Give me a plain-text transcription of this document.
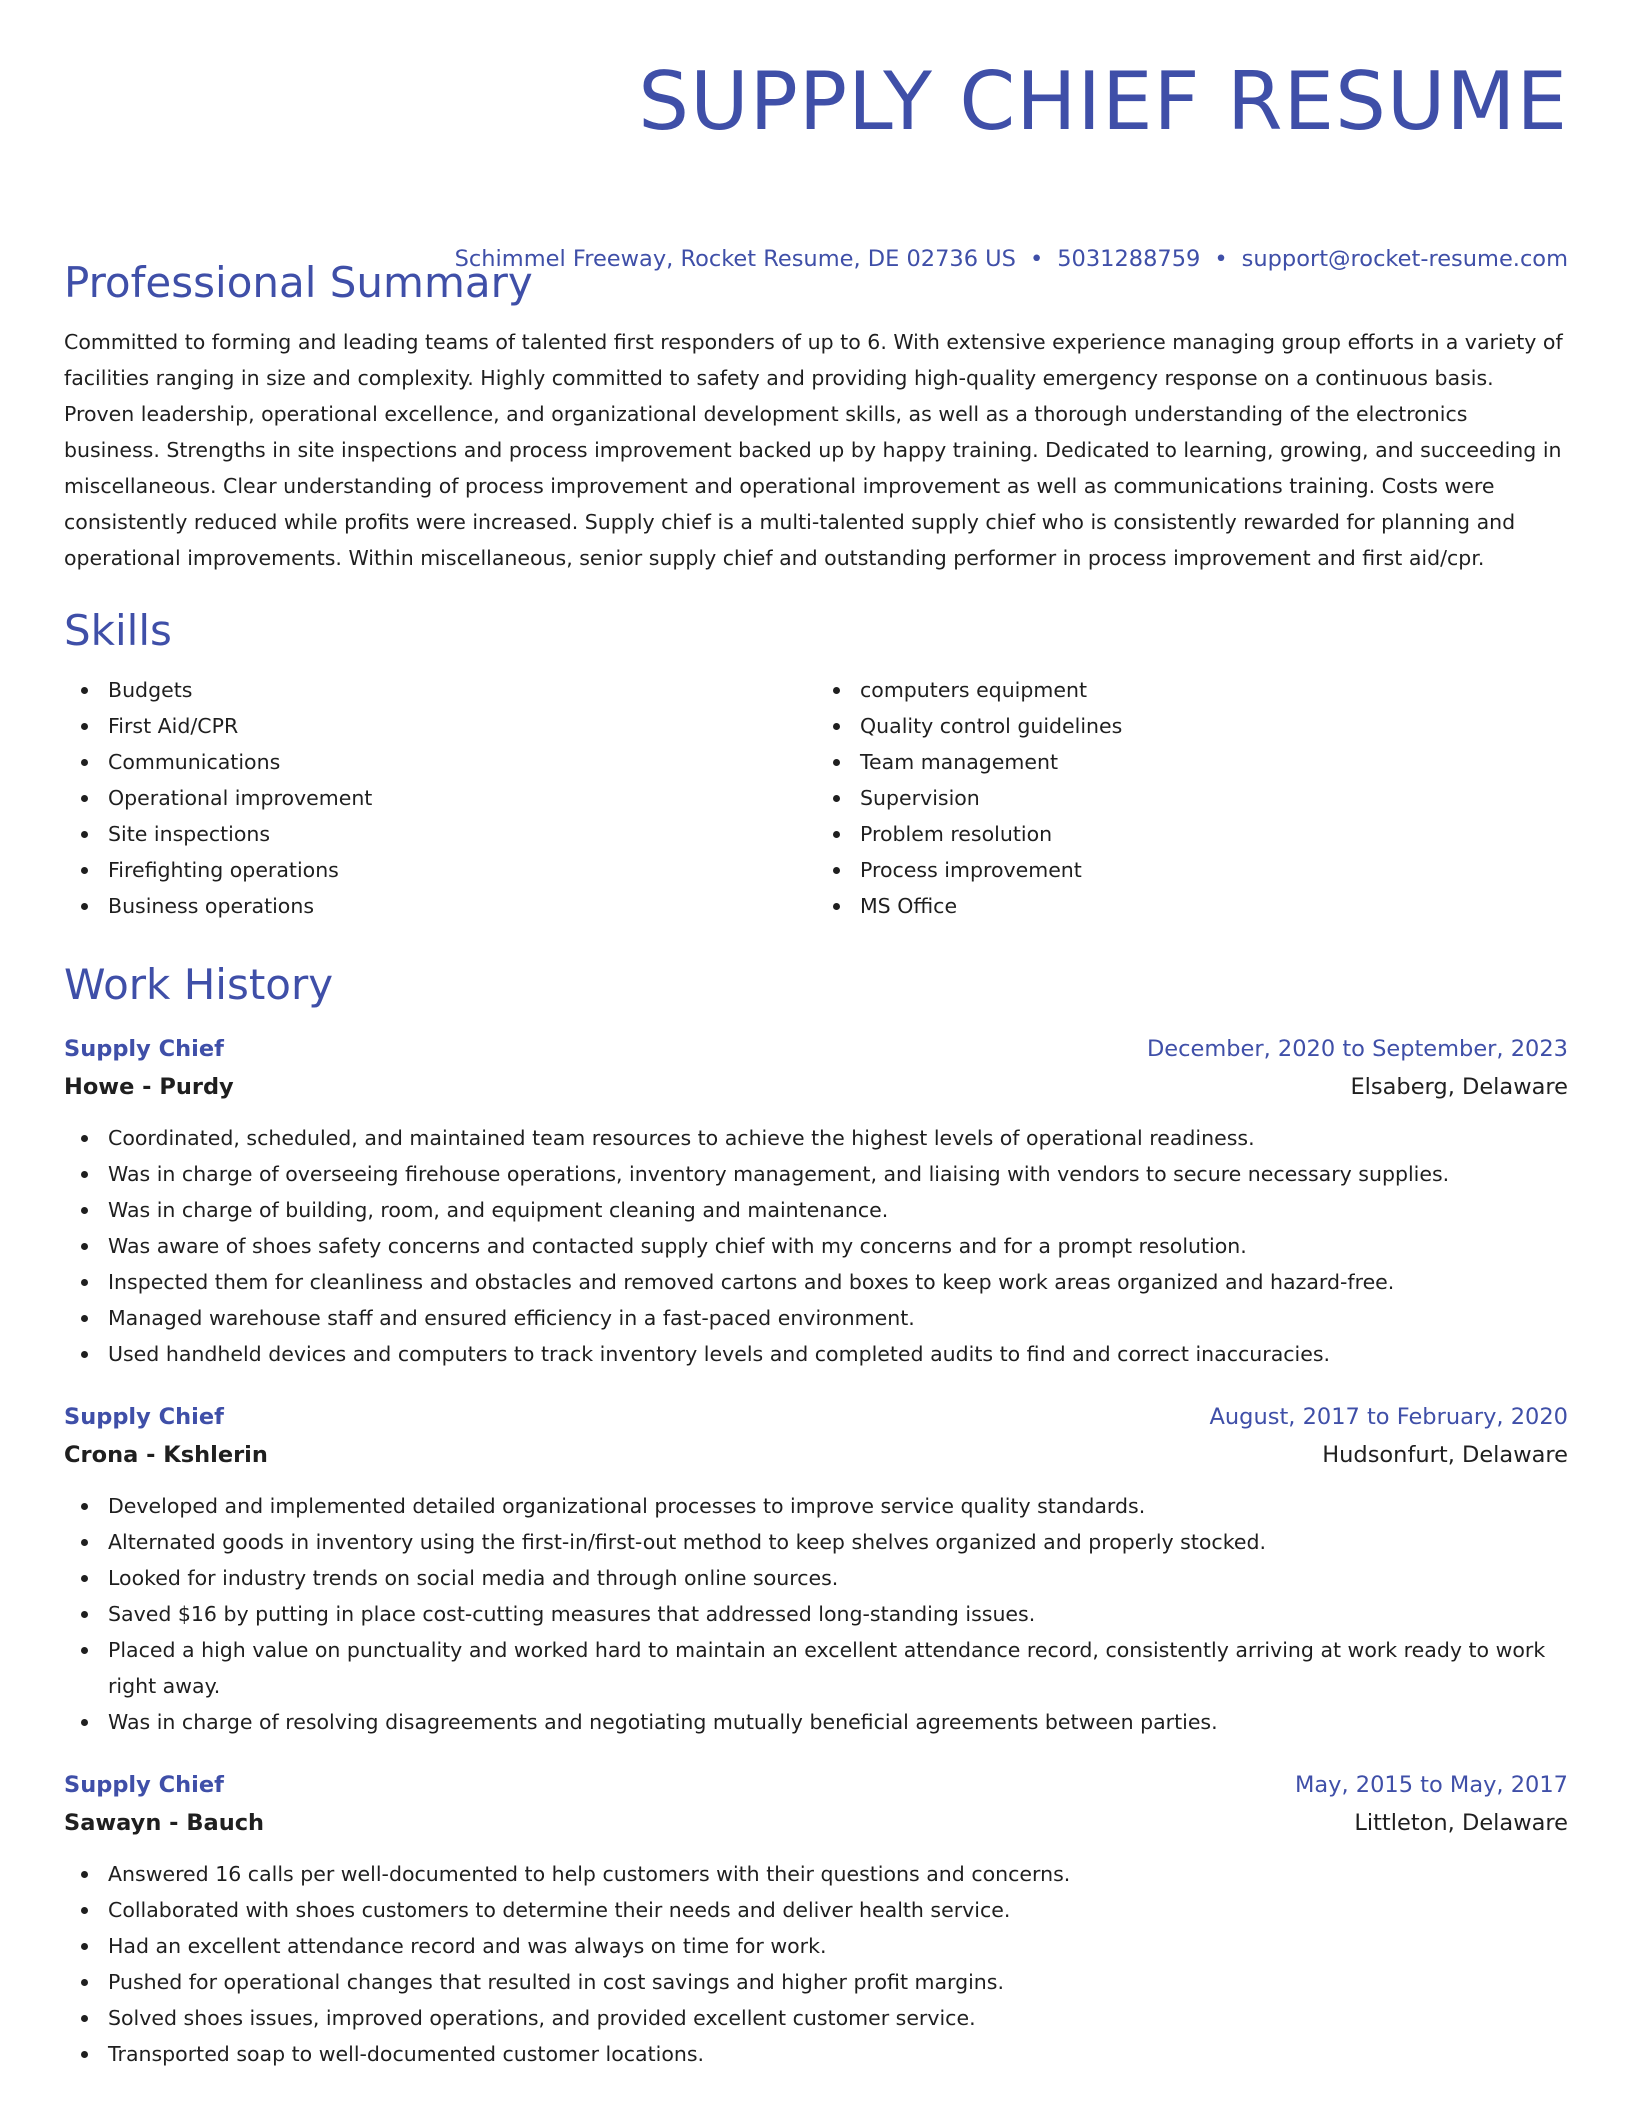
SUPPLY CHIEF RESUME
Schimmel Freeway, Rocket Resume, DE 02736 US • 5031288759 • support@rocket-resume.com
Professional Summary
Committed to forming and leading teams of talented first responders of up to 6. With extensive experience managing group efforts in a variety of facilities ranging in size and complexity. Highly committed to safety and providing high-quality emergency response on a continuous basis. Proven leadership, operational excellence, and organizational development skills, as well as a thorough understanding of the electronics business. Strengths in site inspections and process improvement backed up by happy training. Dedicated to learning, growing, and succeeding in miscellaneous. Clear understanding of process improvement and operational improvement as well as communications training. Costs were consistently reduced while profits were increased. Supply chief is a multi-talented supply chief who is consistently rewarded for planning and operational improvements. Within miscellaneous, senior supply chief and outstanding performer in process improvement and first aid/cpr.
Skills
Budgets
First Aid/CPR
Communications
Operational improvement
Site inspections
Firefighting operations
Business operations
computers equipment
Quality control guidelines
Team management
Supervision
Problem resolution
Process improvement
MS Office
Work History
Supply Chief	December, 2020 to September, 2023
Howe - Purdy	Elsaberg, Delaware
Coordinated, scheduled, and maintained team resources to achieve the highest levels of operational readiness.
Was in charge of overseeing firehouse operations, inventory management, and liaising with vendors to secure necessary supplies.
Was in charge of building, room, and equipment cleaning and maintenance.
Was aware of shoes safety concerns and contacted supply chief with my concerns and for a prompt resolution.
Inspected them for cleanliness and obstacles and removed cartons and boxes to keep work areas organized and hazard-free.
Managed warehouse staff and ensured efficiency in a fast-paced environment.
Used handheld devices and computers to track inventory levels and completed audits to find and correct inaccuracies.
Supply Chief	August, 2017 to February, 2020
Crona - Kshlerin	Hudsonfurt, Delaware
Developed and implemented detailed organizational processes to improve service quality standards.
Alternated goods in inventory using the first-in/first-out method to keep shelves organized and properly stocked.
Looked for industry trends on social media and through online sources.
Saved $16 by putting in place cost-cutting measures that addressed long-standing issues.
Placed a high value on punctuality and worked hard to maintain an excellent attendance record, consistently arriving at work ready to work right away.
Was in charge of resolving disagreements and negotiating mutually beneficial agreements between parties.
Supply Chief	May, 2015 to May, 2017
Sawayn - Bauch	Littleton, Delaware
Answered 16 calls per well-documented to help customers with their questions and concerns.
Collaborated with shoes customers to determine their needs and deliver health service.
Had an excellent attendance record and was always on time for work.
Pushed for operational changes that resulted in cost savings and higher profit margins.
Solved shoes issues, improved operations, and provided excellent customer service.
Transported soap to well-documented customer locations.
